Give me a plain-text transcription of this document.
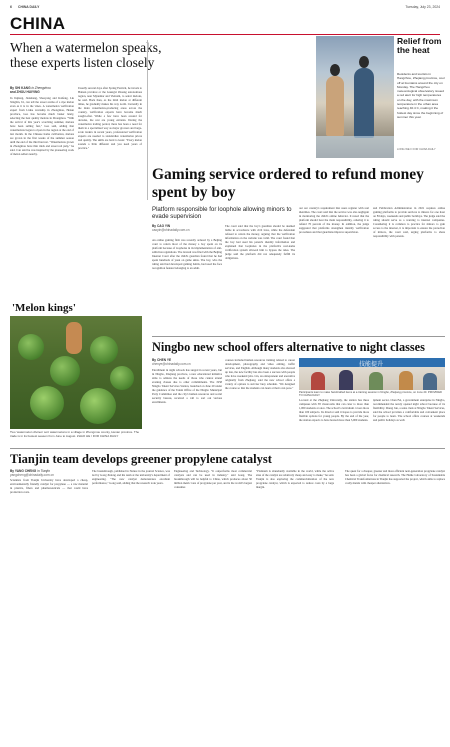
6 CHINA DAILY	Tuesday, July 23, 2024
CHINA
When a watermelon speaks, these experts listen closely
By SHI KANG in Zhengzhou
and ZHOU HUIYING
In Jiujiang, Jianshang, Shaoyang and Kaifeng, Liu Xingbin, 61, can tell the sweet aroma of a ripe melon even as it is in the vines. A watermelon verification expert from Liuhe township in Zhongmou, Henan province, Gao has become much busier lately, selecting the best quality melons in Zhongmou. "With the arrival of this year's scorching summer, melons have been selling fast," Gao said, adding that watermelons began to ripen in the region at the end of last month. In the Chinese home cultivation, melons are grown in the first weeks of the summer season until the end of the third harvest. "Watermelons grown in Zhongmou have thin rinds and sweet red pulp," he said. Can said he was inspired by the pioneering work of melon sellers nearby.
Usually several days after Spring Festival, he travels to Hainan province or the Guangxi Zhuang autonomous region, near Myanmar and Vietnam, to select melons, he said. Back then, as the third melon at different times, he gradually makes his way north. Currently in the main watermelon-producing areas across the country, verification experts have become much sought-after. While a few have been around for decades, the rest are young entrants. During the watermelon trading period, there has been a need for them in a specialized way as major growers and large-scale traders in recent years, professional verification experts are needed to standardize watermelon prices and quality. The skills are hard to learn: "Every melon sounds a little different and you need years of practice."
Relief from the heat
Residents and tourists in Hangzhou, Zhejiang province, cool off at fountains around the city on Monday. The Hangzhou meteorological observatory issued a red alert for high temperatures on the day, with the maximum temperature in the urban area reaching 40.4 C, making it the hottest day since the beginning of summer this year.
LONG WEI / FOR CHINA DAILY
Gaming service ordered to refund money spent by boy
Platform responsible for loophole allowing minors to evade supervision
By CAO YIN
caoyin@chinadaily.com.cn
An online gaming firm was recently ordered by a Beijing court to return most of the money a boy spent on its platform because of loopholes in its implementation of anti-addiction regulations. The lawsuit was filed with the Beijing Internet Court after the child's guardian found that he had spent hundreds of yuan on game skins. The boy, who the ruling said had developed gaming habits, had used the face recognition feature belonging to an adult.
The court said that the boy's guardian should be deemed liable in accordance with civil laws, while the defendant refused to return the money, arguing that the verification information on the website was valid. The court found that the boy had used his parent's identity information and explained that loopholes in the platform's real-name verification system allowed him to bypass the rules. The judge said the platform did not adequately fulfill its obligations.
out our country's requirement that users register with real identities. The court said that the service was also negligent in monitoring the child's online behavior. It noted that the platform should bear the main responsibility, ordering it to refund 70 percent of the money. In addition, the judge suggested that platforms strengthen identity verification procedures and that guardians improve supervision.
and Publication Administration in 2021 requires online gaming platforms to provide services to minors for one hour on Fridays, weekends and public holidays. The judge said the ruling should serve as a warning to internet companies. Considering it is common to practice for minors to gain access to the internet, it is important to ensure the protection of minors, the court said, urging platforms to share responsibility with parents.
'Melon kings'
Two 'watermelon divines' sort watermelons in a village in Zhongmou county, Henan province. The trade is in its busiest season from June to August. ZHAO HE / FOR CHINA DAILY
Ningbo new school offers alternative to night classes
By CHEN YE
chenye@chinadaily.com.cn
Enrollment in night schools has surged in recent years, but in Ningbo, Zhejiang province, a new educational initiative aims to address the needs of those who cannot attend evening classes due to other commitments. The 1958 Ningbo Talent Services Station, launched on June 20 under the guidance of the Talent Office of the Ningbo Municipal Party Committee and the city's human resources and social security bureau, received a call to sort out various enrollments.
courses included human resources training related to career development, photography and video editing, traffic services, and English. Although many students also showed up late, the new facility has also been a success with people who have weekend jobs. Lin, an entrepreneur and executive originally from Zhejiang, said the new school offers a variety of options to suit her busy schedule. "We designed the course so that the students can learn at their own pace."
Located at the Zhejiang University, the station has three campuses with 58 classrooms that can cater to more than 1,000 students at once. The school's curriculum covers more than 100 subjects. Its director said it hopes to provide more flexible options for young people. By the end of the year, the station expects to have hosted more than 5,000 students.
ipment sector. Chen Fei, a government enterprise in Ningbo, recommended the newly opened night school because of its flexibility. Zheng Jun, a sales clerk at Ningbo Talent Services, said the school provides a comfortable and convenient place for people to learn. The school offers courses at weekends and public holidays as well.
技能提升
Participants learn to make handcrafted items at a training session in Ningbo, Zhejiang province, on June 20. PROVIDED TO CHINA DAILY
Tianjin team develops greener propylene catalyst
By YANG CHENG in Tianjin
yangcheng@chinadaily.com.cn
Scientists from Tianjin University have developed a cheap, environmentally friendly catalyst for propylene — a raw material in plastics, fibers and pharmaceuticals — that could have production costs.
The breakthrough, published in Nature in the journal Science, was led by Gong Jinlong and his team at the university's department of engineering. "The new catalyst demonstrates excellent performance," Gong said, adding that the research took years.
Engineering and Technology. "It outperforms most commercial catalysts and can be used in industry," said Gong. The breakthrough will be helpful to China, which produces about 50 million metric tons of propylene per year, and is the world's largest consumer.
"Platinum is abundantly available in the world, while the active sites of the catalyst are relatively cheap and easy to make," he said. Tianjin is also exploring the commercialization of the new propylene catalyst, which is expected to reduce costs by a large margin.
The quest for a cheaper, greener and more efficient next-generation propylene catalyst has been a global focus for chemical research. The Haihe Laboratory of Sustainable Chemical Transformations in Tianjin has supported the project, which aims to replace costly metals with cheaper alternatives.
